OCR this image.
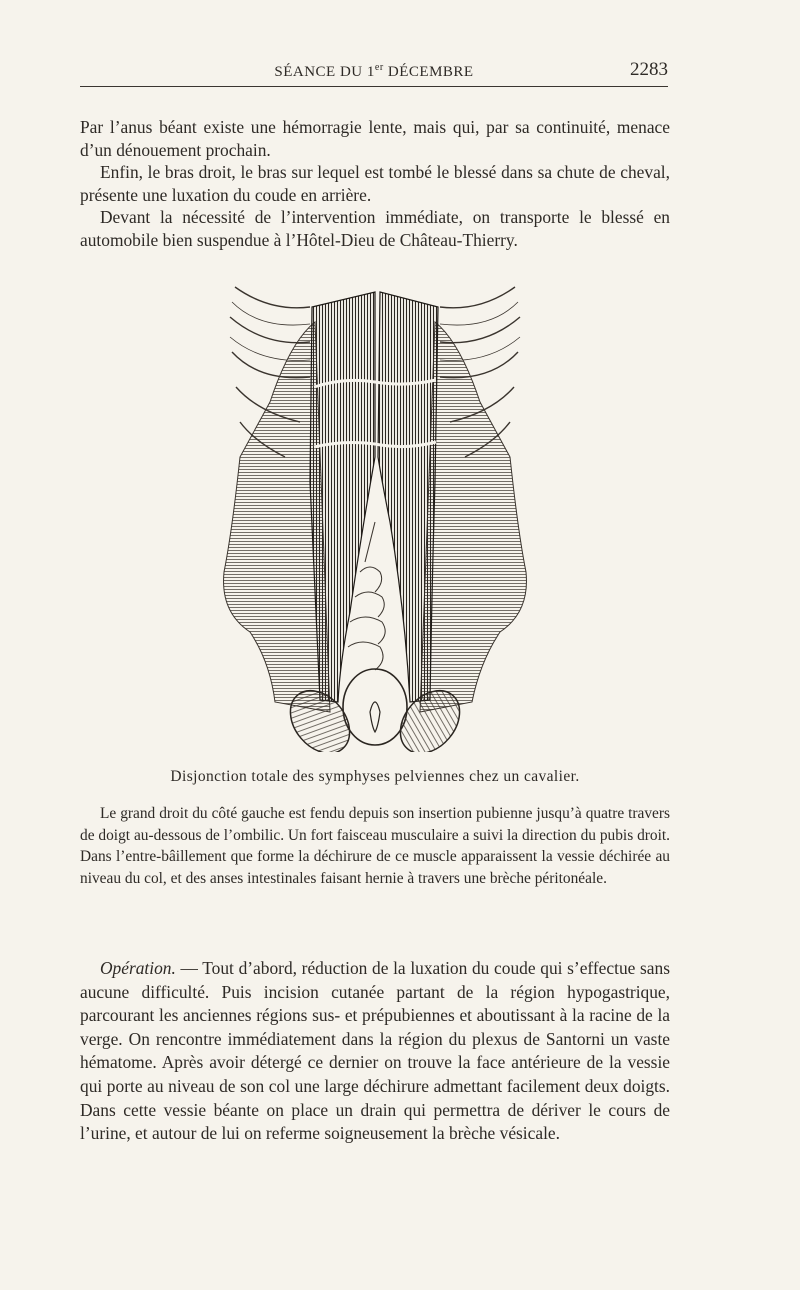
SÉANCE DU 1er DÉCEMBRE	2283

Par l’anus béant existe une hémorragie lente, mais qui, par sa continuité, menace d’un dénouement prochain.

Enfin, le bras droit, le bras sur lequel est tombé le blessé dans sa chute de cheval, présente une luxation du coude en arrière.

Devant la nécessité de l’intervention immédiate, on transporte le blessé en automobile bien suspendue à l’Hôtel-Dieu de Château-Thierry.

Disjonction totale des symphyses pelviennes chez un cavalier.

Le grand droit du côté gauche est fendu depuis son insertion pubienne jusqu’à quatre travers de doigt au-dessous de l’ombilic. Un fort faisceau musculaire a suivi la direction du pubis droit. Dans l’entre-bâillement que forme la déchirure de ce muscle apparaissent la vessie déchirée au niveau du col, et des anses intestinales faisant hernie à travers une brèche péritonéale.

Opération. — Tout d’abord, réduction de la luxation du coude qui s’effectue sans aucune difficulté. Puis incision cutanée partant de la région hypogastrique, parcourant les anciennes régions sus- et prépubiennes et aboutissant à la racine de la verge. On rencontre immédiatement dans la région du plexus de Santorni un vaste hématome. Après avoir détergé ce dernier on trouve la face antérieure de la vessie qui porte au niveau de son col une large déchirure admettant facilement deux doigts. Dans cette vessie béante on place un drain qui permettra de dériver le cours de l’urine, et autour de lui on referme soigneusement la brèche vésicale.
